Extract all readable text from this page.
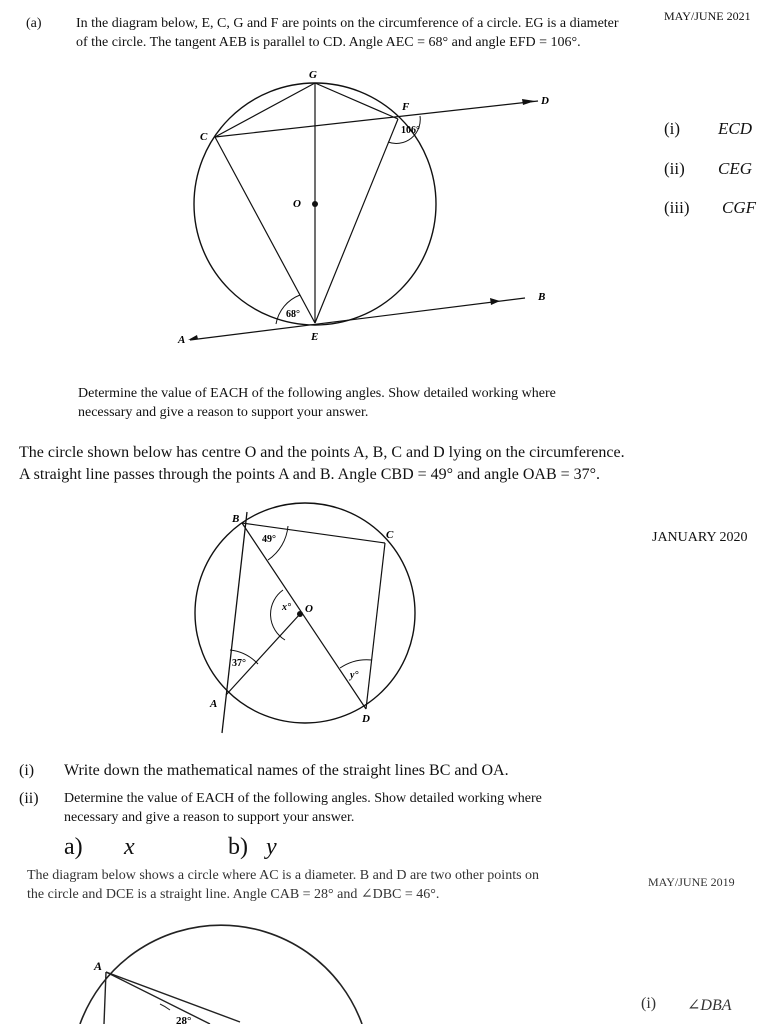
(a) In the diagram below, E, C, G and F are points on the circumference of a circle. EG is a diameter
of the circle. The tangent AEB is parallel to CD. Angle AEC = 68° and angle EFD = 106°.
MAY/JUNE 2021
G
F	D
C
O
B
A	E
106°
68°
(i) ECD
(ii) CEG
(iii) CGF
Determine the value of EACH of the following angles. Show detailed working where
necessary and give a reason to support your answer.
The circle shown below has centre O and the points A, B, C and D lying on the circumference.
A straight line passes through the points A and B. Angle CBD = 49° and angle OAB = 37°.
JANUARY 2020
B
C
O
A
D
49°
37°
x°
y°
(i) Write down the mathematical names of the straight lines BC and OA.
(ii) Determine the value of EACH of the following angles. Show detailed working where
necessary and give a reason to support your answer.
a) x	b) y
The diagram below shows a circle where AC is a diameter. B and D are two other points on
the circle and DCE is a straight line. Angle CAB = 28° and ∠DBC = 46°.
MAY/JUNE 2019
A
28°
(i) ∠DBA
